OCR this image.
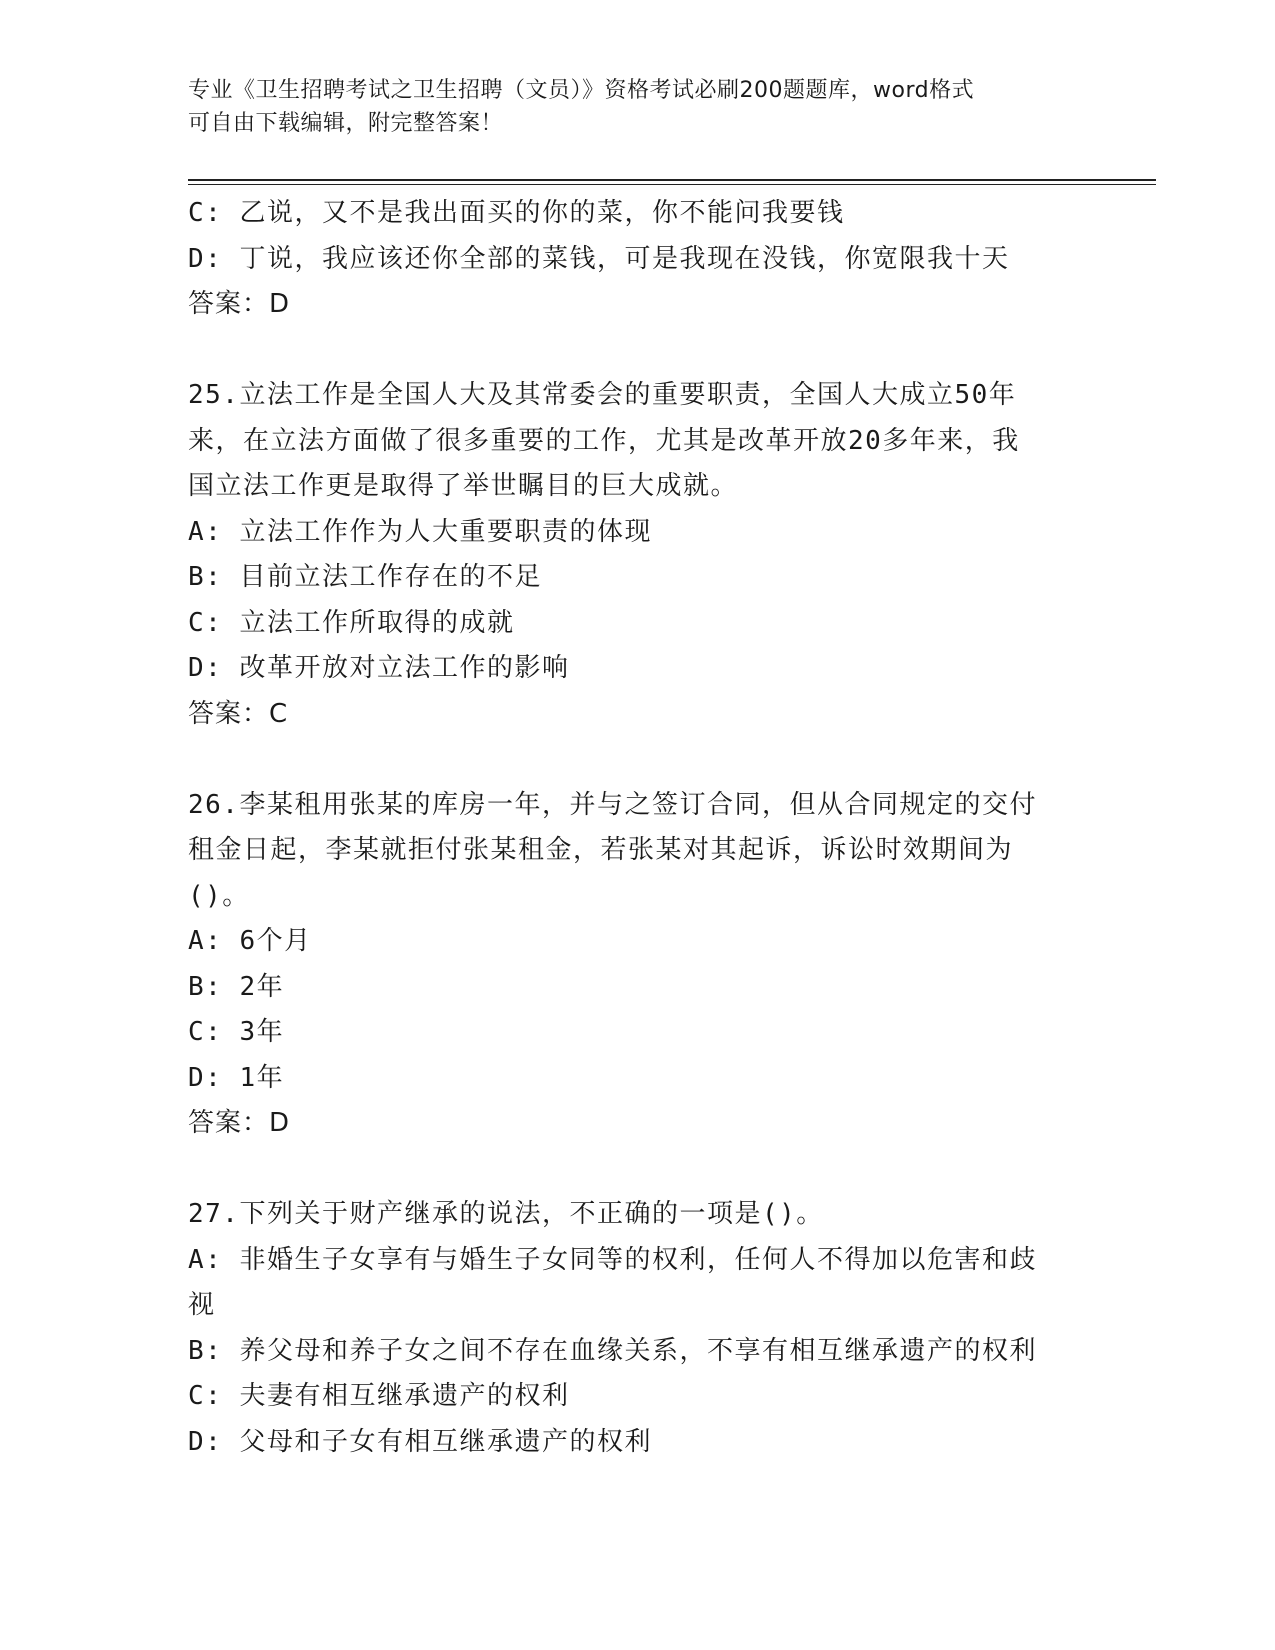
专业《卫生招聘考试之卫生招聘（文员）》资格考试必刷200题题库，word格式
可自由下载编辑，附完整答案！
C: 乙说，又不是我出面买的你的菜，你不能问我要钱
D: 丁说，我应该还你全部的菜钱，可是我现在没钱，你宽限我十天
答案：D
25.立法工作是全国人大及其常委会的重要职责，全国人大成立50年
来，在立法方面做了很多重要的工作，尤其是改革开放20多年来，我
国立法工作更是取得了举世瞩目的巨大成就。
A: 立法工作作为人大重要职责的体现
B: 目前立法工作存在的不足
C: 立法工作所取得的成就
D: 改革开放对立法工作的影响
答案：C
26.李某租用张某的库房一年，并与之签订合同，但从合同规定的交付
租金日起，李某就拒付张某租金，若张某对其起诉，诉讼时效期间为
()。
A: 6个月
B: 2年
C: 3年
D: 1年
答案：D
27.下列关于财产继承的说法，不正确的一项是()。
A: 非婚生子女享有与婚生子女同等的权利，任何人不得加以危害和歧
视
B: 养父母和养子女之间不存在血缘关系，不享有相互继承遗产的权利
C: 夫妻有相互继承遗产的权利
D: 父母和子女有相互继承遗产的权利
